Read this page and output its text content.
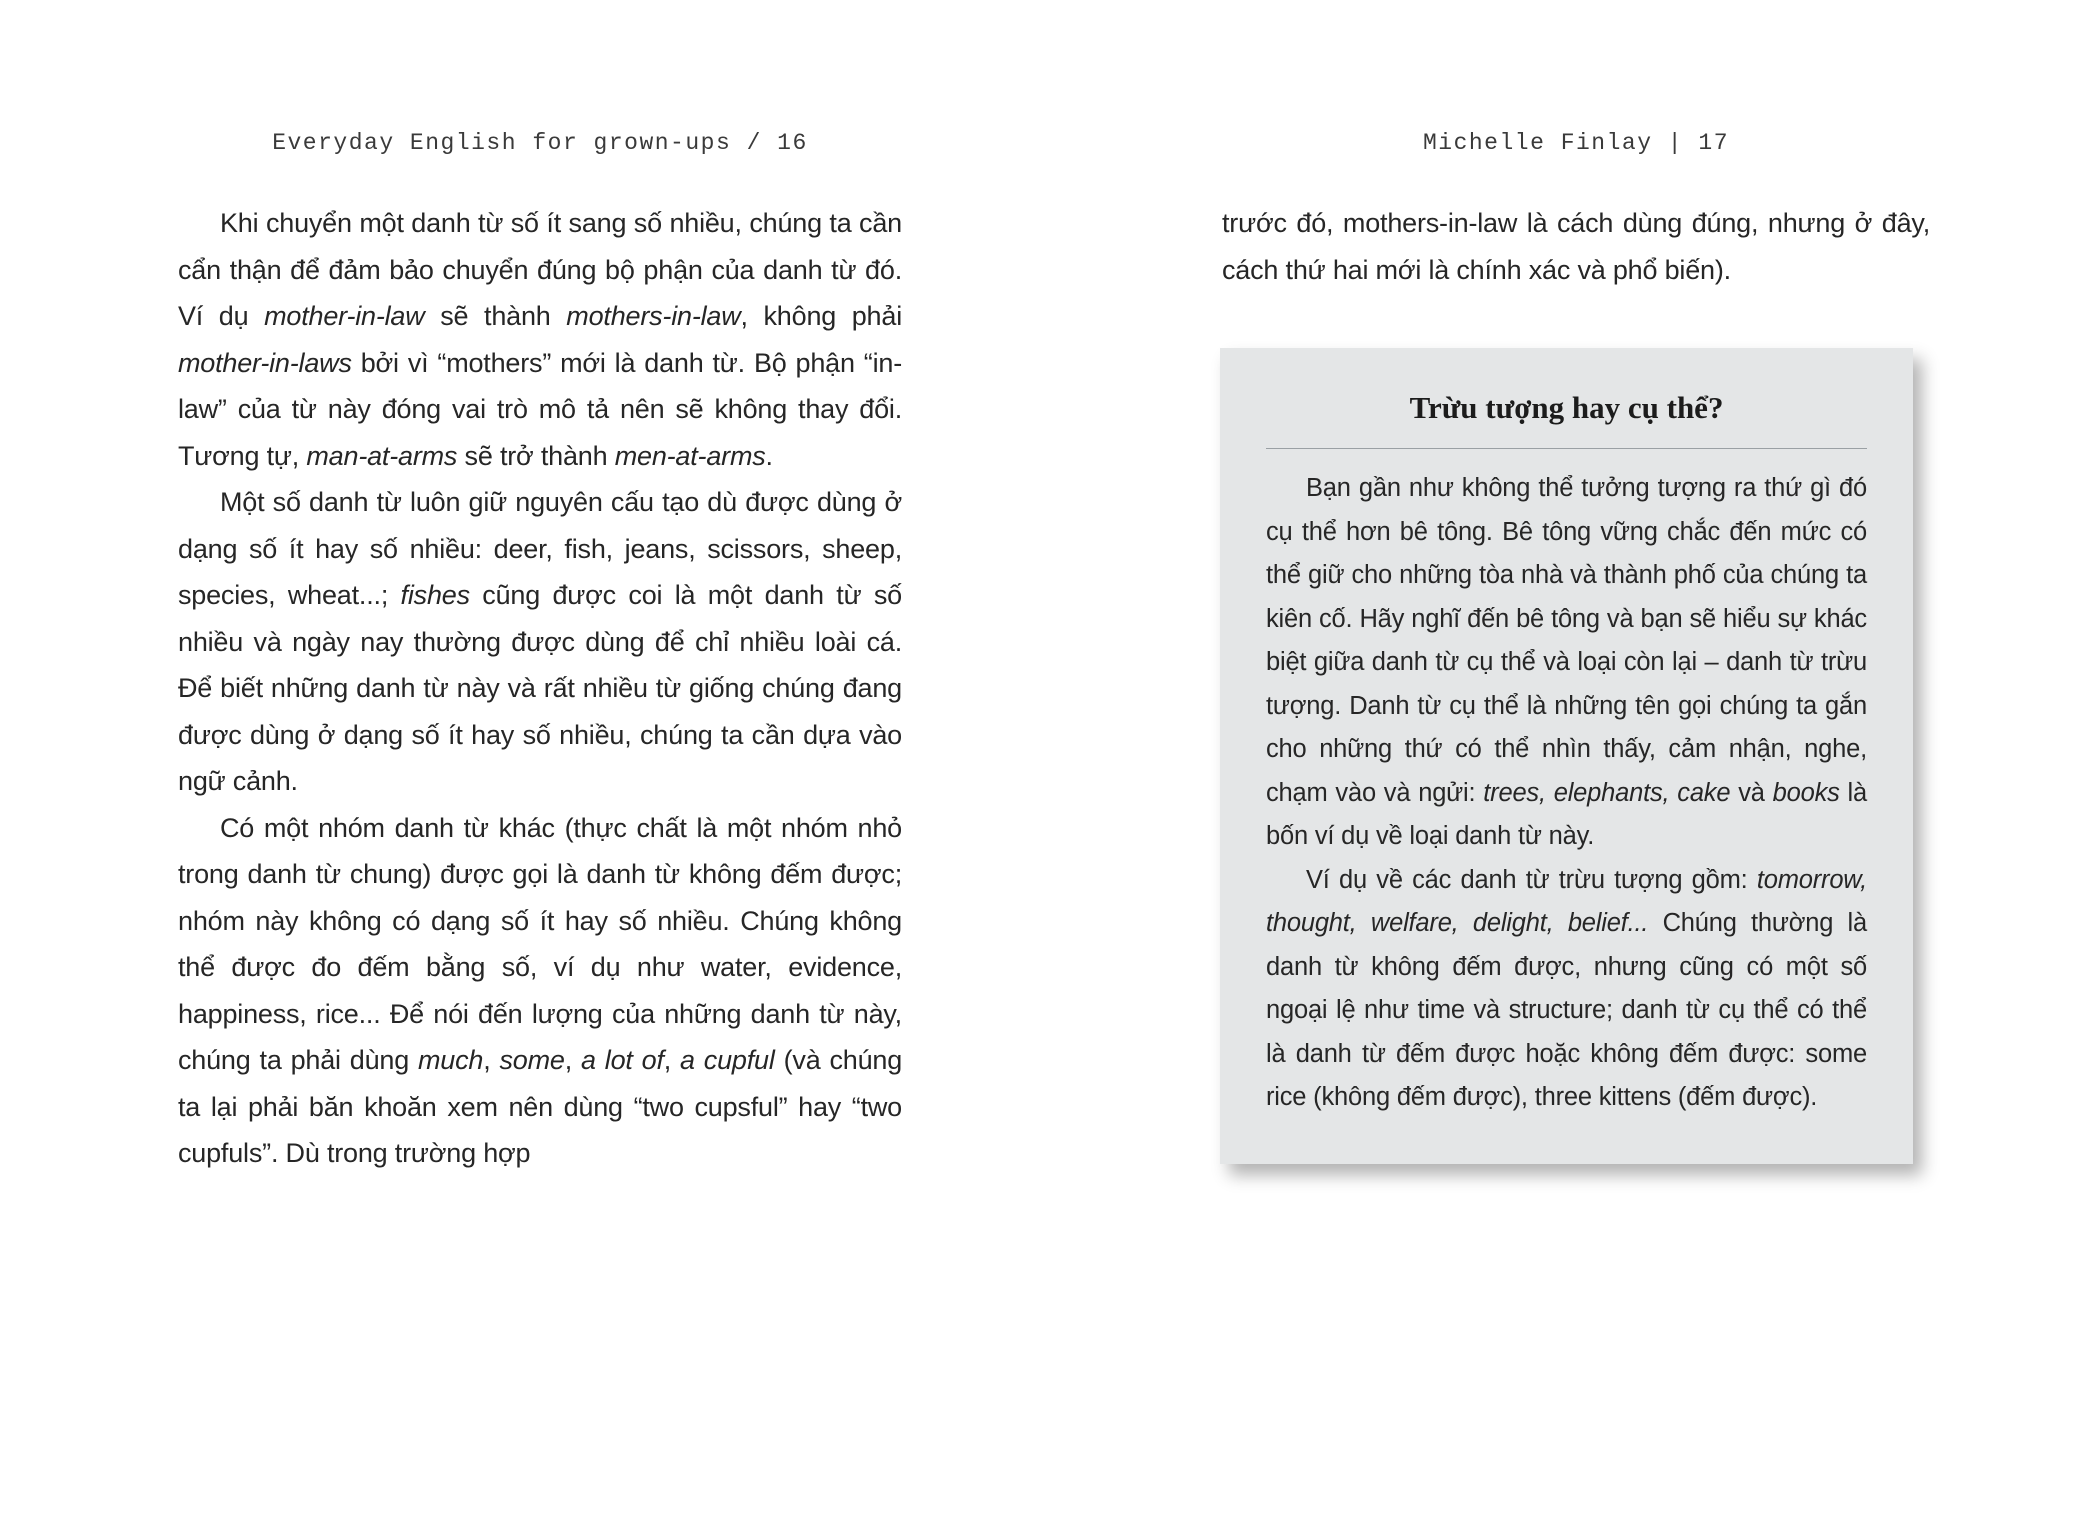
Everyday English for grown-ups / 16

Khi chuyển một danh từ số ít sang số nhiều, chúng ta cần cẩn thận để đảm bảo chuyển đúng bộ phận của danh từ đó. Ví dụ mother-in-law sẽ thành mothers-in-law, không phải mother-in-laws bởi vì “mothers” mới là danh từ. Bộ phận “in-law” của từ này đóng vai trò mô tả nên sẽ không thay đổi. Tương tự, man-at-arms sẽ trở thành men-at-arms.

Một số danh từ luôn giữ nguyên cấu tạo dù được dùng ở dạng số ít hay số nhiều: deer, fish, jeans, scissors, sheep, species, wheat...; fishes cũng được coi là một danh từ số nhiều và ngày nay thường được dùng để chỉ nhiều loài cá. Để biết những danh từ này và rất nhiều từ giống chúng đang được dùng ở dạng số ít hay số nhiều, chúng ta cần dựa vào ngữ cảnh.

Có một nhóm danh từ khác (thực chất là một nhóm nhỏ trong danh từ chung) được gọi là danh từ không đếm được; nhóm này không có dạng số ít hay số nhiều. Chúng không thể được đo đếm bằng số, ví dụ như water, evidence, happiness, rice... Để nói đến lượng của những danh từ này, chúng ta phải dùng much, some, a lot of, a cupful (và chúng ta lại phải băn khoăn xem nên dùng “two cupsful” hay “two cupfuls”. Dù trong trường hợp

Michelle Finlay | 17

trước đó, mothers-in-law là cách dùng đúng, nhưng ở đây, cách thứ hai mới là chính xác và phổ biến).

Trừu tượng hay cụ thể?

Bạn gần như không thể tưởng tượng ra thứ gì đó cụ thể hơn bê tông. Bê tông vững chắc đến mức có thể giữ cho những tòa nhà và thành phố của chúng ta kiên cố. Hãy nghĩ đến bê tông và bạn sẽ hiểu sự khác biệt giữa danh từ cụ thể và loại còn lại – danh từ trừu tượng. Danh từ cụ thể là những tên gọi chúng ta gắn cho những thứ có thể nhìn thấy, cảm nhận, nghe, chạm vào và ngửi: trees, elephants, cake và books là bốn ví dụ về loại danh từ này.

Ví dụ về các danh từ trừu tượng gồm: tomorrow, thought, welfare, delight, belief... Chúng thường là danh từ không đếm được, nhưng cũng có một số ngoại lệ như time và structure; danh từ cụ thể có thể là danh từ đếm được hoặc không đếm được: some rice (không đếm được), three kittens (đếm được).
